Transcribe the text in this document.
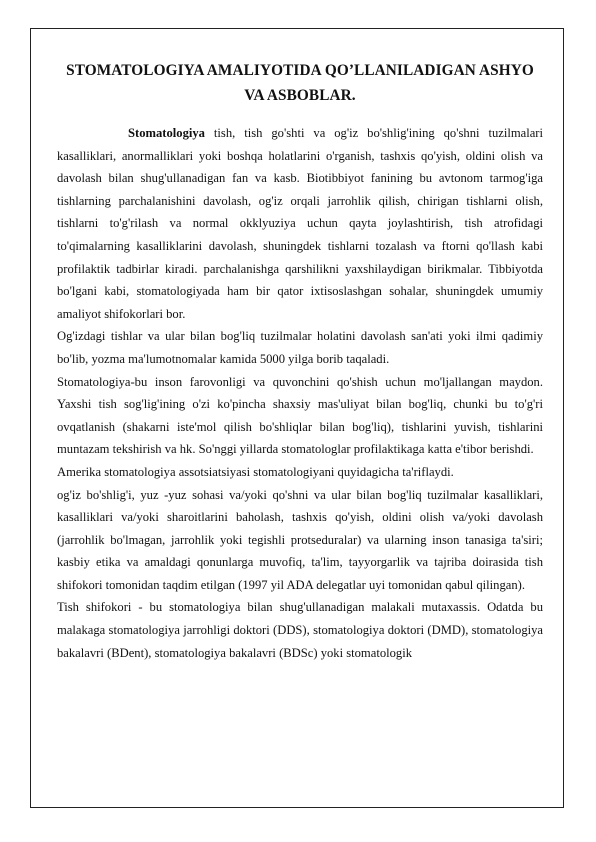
STOMATOLOGIYA AMALIYOTIDA QO’LLANILADIGAN ASHYO VA ASBOBLAR.

Stomatologiya tish, tish go'shti va og'iz bo'shlig'ining qo'shni tuzilmalari kasalliklari, anormalliklari yoki boshqa holatlarini o'rganish, tashxis qo'yish, oldini olish va davolash bilan shug'ullanadigan fan va kasb. Biotibbiyot fanining bu avtonom tarmog'iga tishlarning parchalanishini davolash, og'iz orqali jarrohlik qilish, chirigan tishlarni olish, tishlarni to'g'rilash va normal okklyuziya uchun qayta joylashtirish, tish atrofidagi to'qimalarning kasalliklarini davolash, shuningdek tishlarni tozalash va ftorni qo'llash kabi profilaktik tadbirlar kiradi. parchalanishga qarshilikni yaxshilaydigan birikmalar. Tibbiyotda bo'lgani kabi, stomatologiyada ham bir qator ixtisoslashgan sohalar, shuningdek umumiy amaliyot shifokorlari bor.

Og'izdagi tishlar va ular bilan bog'liq tuzilmalar holatini davolash san'ati yoki ilmi qadimiy bo'lib, yozma ma'lumotnomalar kamida 5000 yilga borib taqaladi.

Stomatologiya-bu inson farovonligi va quvonchini qo'shish uchun mo'ljallangan maydon. Yaxshi tish sog'lig'ining o'zi ko'pincha shaxsiy mas'uliyat bilan bog'liq, chunki bu to'g'ri ovqatlanish (shakarni iste'mol qilish bo'shliqlar bilan bog'liq), tishlarini yuvish, tishlarini muntazam tekshirish va hk. So'nggi yillarda stomatologlar profilaktikaga katta e'tibor berishdi.

Amerika stomatologiya assotsiatsiyasi stomatologiyani quyidagicha ta'riflaydi.

og'iz bo'shlig'i, yuz -yuz sohasi va/yoki qo'shni va ular bilan bog'liq tuzilmalar kasalliklari, kasalliklari va/yoki sharoitlarini baholash, tashxis qo'yish, oldini olish va/yoki davolash (jarrohlik bo'lmagan, jarrohlik yoki tegishli protseduralar) va ularning inson tanasiga ta'siri; kasbiy etika va amaldagi qonunlarga muvofiq, ta'lim, tayyorgarlik va tajriba doirasida tish shifokori tomonidan taqdim etilgan (1997 yil ADA delegatlar uyi tomonidan qabul qilingan).

Tish shifokori - bu stomatologiya bilan shug'ullanadigan malakali mutaxassis. Odatda bu malakaga stomatologiya jarrohligi doktori (DDS), stomatologiya doktori (DMD), stomatologiya bakalavri (BDent), stomatologiya bakalavri (BDSc) yoki stomatologik
